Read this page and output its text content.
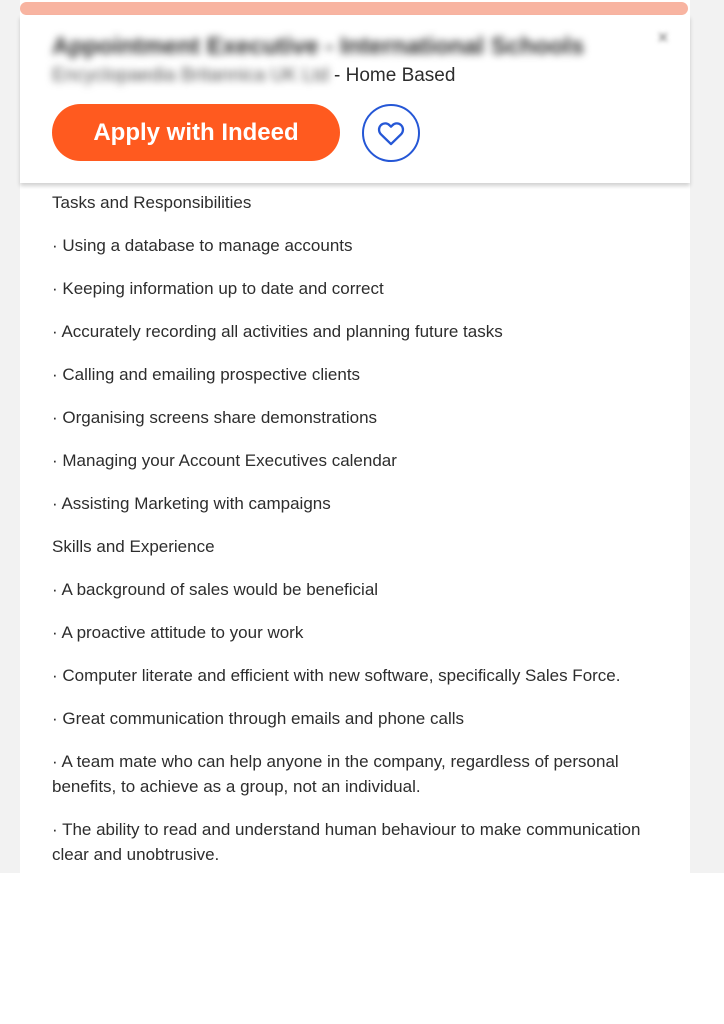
Appointment Executive - International Schools	×
Encyclopaedia Britannica UK Ltd - Home Based
Apply with Indeed

Tasks and Responsibilities

· Using a database to manage accounts

· Keeping information up to date and correct

· Accurately recording all activities and planning future tasks

· Calling and emailing prospective clients

· Organising screens share demonstrations

· Managing your Account Executives calendar

· Assisting Marketing with campaigns

Skills and Experience

· A background of sales would be beneficial

· A proactive attitude to your work

· Computer literate and efficient with new software, specifically Sales Force.

· Great communication through emails and phone calls

· A team mate who can help anyone in the company, regardless of personal benefits, to achieve as a group, not an individual.

· The ability to read and understand human behaviour to make communication clear and unobtrusive.
